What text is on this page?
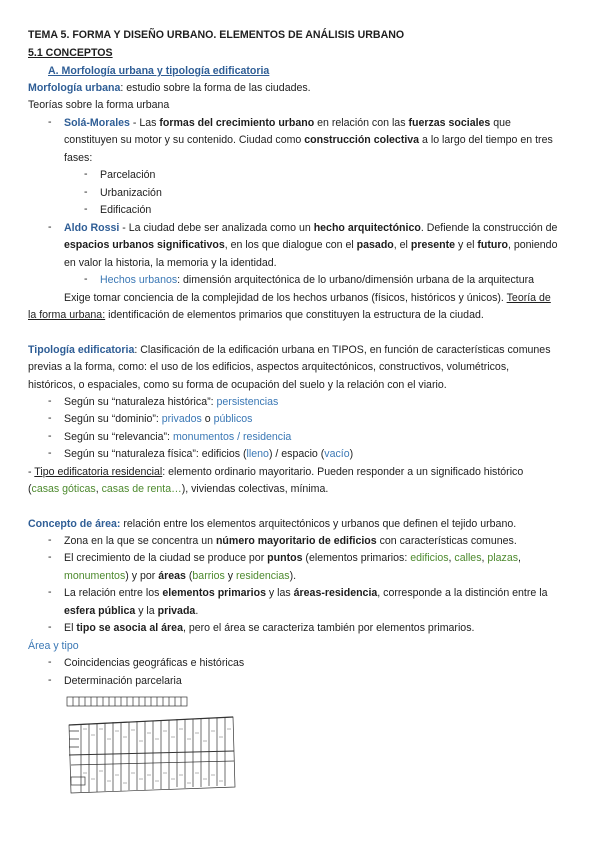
TEMA 5. FORMA Y DISEÑO URBANO. ELEMENTOS DE ANÁLISIS URBANO
5.1 CONCEPTOS
A. Morfología urbana y tipología edificatoria
Morfología urbana: estudio sobre la forma de las ciudades.
Teorías sobre la forma urbana
- Solá-Morales - Las formas del crecimiento urbano en relación con las fuerzas sociales que
constituyen su motor y su contenido. Ciudad como construcción colectiva a lo largo del tiempo en tres
fases:
- Parcelación
- Urbanización
- Edificación
- Aldo Rossi - La ciudad debe ser analizada como un hecho arquitectónico. Defiende la construcción de
espacios urbanos significativos, en los que dialogue con el pasado, el presente y el futuro, poniendo
en valor la historia, la memoria y la identidad.
- Hechos urbanos: dimensión arquitectónica de lo urbano/dimensión urbana de la arquitectura
Exige tomar conciencia de la complejidad de los hechos urbanos (físicos, históricos y únicos). Teoría de
la forma urbana: identificación de elementos primarios que constituyen la estructura de la ciudad.
Tipología edificatoria: Clasificación de la edificación urbana en TIPOS, en función de características comunes
previas a la forma, como: el uso de los edificios, aspectos arquitectónicos, constructivos, volumétricos,
históricos, o espaciales, como su forma de ocupación del suelo y la relación con el viario.
- Según su “naturaleza histórica”: persistencias
- Según su “dominio”: privados o públicos
- Según su “relevancia”: monumentos / residencia
- Según su “naturaleza física”: edificios (lleno) / espacio (vacío)
- Tipo edificatoria residencial: elemento ordinario mayoritario. Pueden responder a un significado histórico
(casas góticas, casas de renta…), viviendas colectivas, mínima.
Concepto de área: relación entre los elementos arquitectónicos y urbanos que definen el tejido urbano.
- Zona en la que se concentra un número mayoritario de edificios con características comunes.
- El crecimiento de la ciudad se produce por puntos (elementos primarios: edificios, calles, plazas,
monumentos) y por áreas (barrios y residencias).
- La relación entre los elementos primarios y las áreas-residencia, corresponde a la distinción entre la
esfera pública y la privada.
- El tipo se asocia al área, pero el área se caracteriza también por elementos primarios.
Área y tipo
- Coincidencias geográficas e históricas
- Determinación parcelaria
